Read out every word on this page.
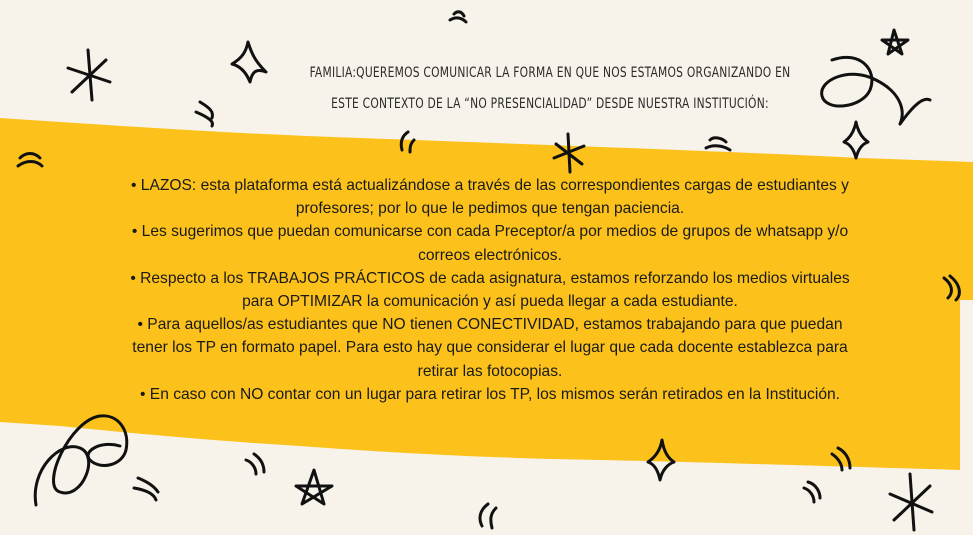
FAMILIA:QUEREMOS COMUNICAR LA FORMA EN QUE NOS ESTAMOS ORGANIZANDO EN
ESTE CONTEXTO DE LA “NO PRESENCIALIDAD” DESDE NUESTRA INSTITUCIÓN:

• LAZOS: esta plataforma está actualizándose a través de las correspondientes cargas de estudiantes y

profesores; por lo que le pedimos que tengan paciencia.

• Les sugerimos que puedan comunicarse con cada Preceptor/a por medios de grupos de whatsapp y/o

correos electrónicos.

• Respecto a los TRABAJOS PRÁCTICOS de cada asignatura, estamos reforzando los medios virtuales

para OPTIMIZAR la comunicación y así pueda llegar a cada estudiante.

• Para aquellos/as estudiantes que NO tienen CONECTIVIDAD, estamos trabajando para que puedan

tener los TP en formato papel. Para esto hay que considerar el lugar que cada docente establezca para

retirar las fotocopias.

• En caso con NO contar con un lugar para retirar los TP, los mismos serán retirados en la Institución.
